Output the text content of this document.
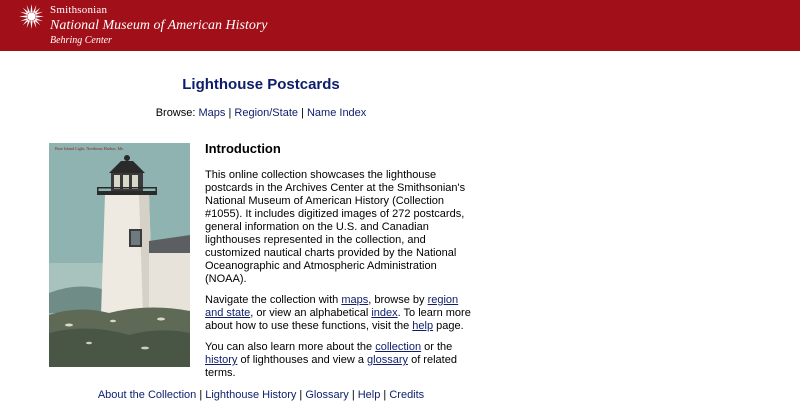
Smithsonian
National Museum of American History
Behring Center
Lighthouse Postcards
Browse: Maps | Region/State | Name Index
Bear Island Light, Northeast Harbor, Me.	Introduction

This online collection showcases the lighthouse postcards in the Archives Center at the Smithsonian's National Museum of American History (Collection #1055). It includes digitized images of 272 postcards, general information on the U.S. and Canadian lighthouses represented in the collection, and customized nautical charts provided by the National Oceanographic and Atmospheric Administration (NOAA).

Navigate the collection with maps, browse by region and state, or view an alphabetical index. To learn more about how to use these functions, visit the help page.

You can also learn more about the collection or the history of lighthouses and view a glossary of related terms.

About the Collection | Lighthouse History | Glossary | Help | Credits
